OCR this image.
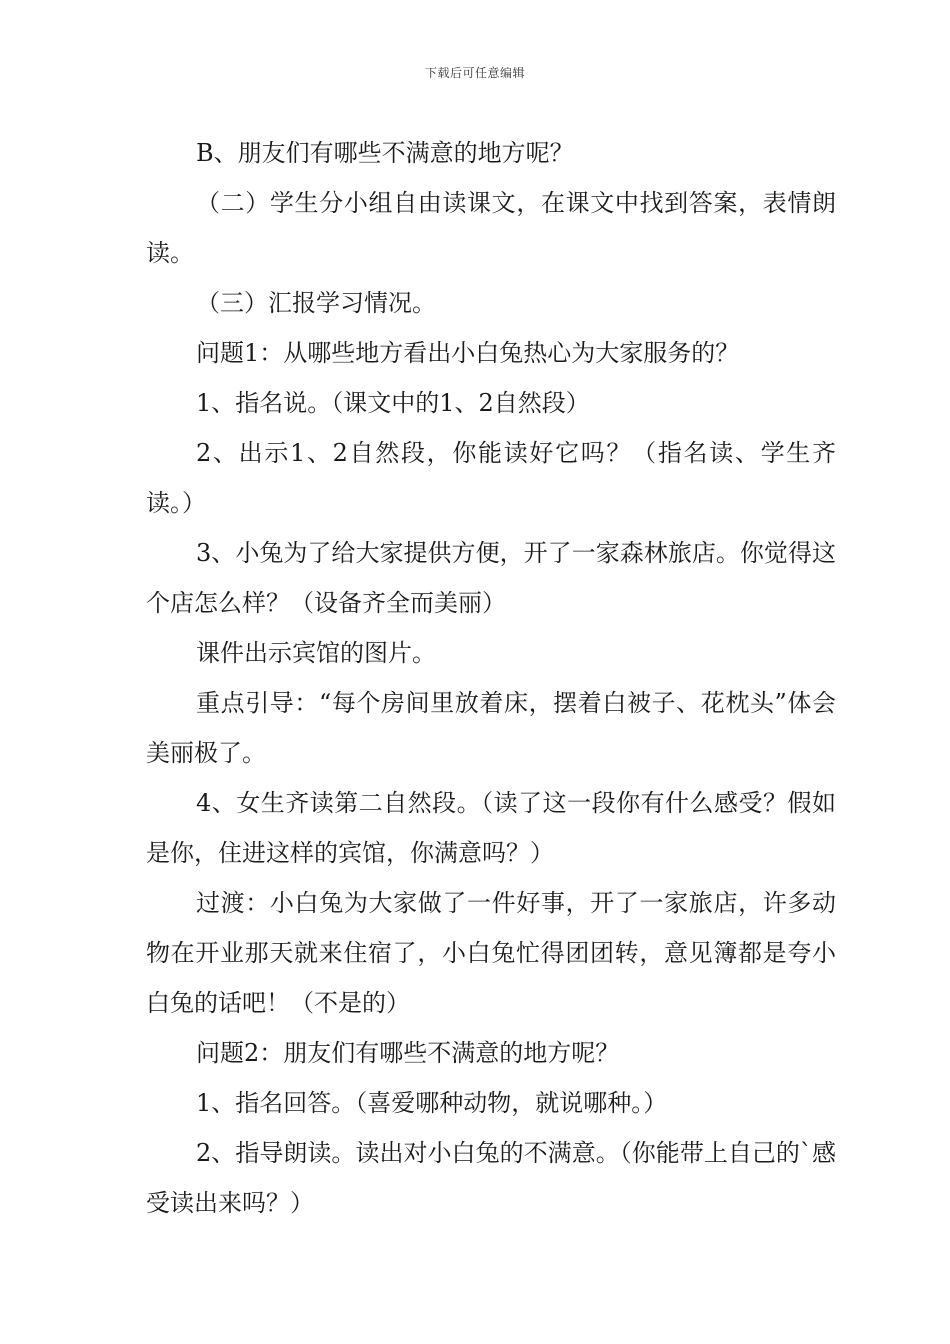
下载后可任意编辑

B、朋友们有哪些不满意的地方呢？

（二）学生分小组自由读课文，在课文中找到答案，表情朗读。

（三）汇报学习情况。

问题1：从哪些地方看出小白兔热心为大家服务的？

1、指名说。（课文中的1、2自然段）

2、出示1、2自然段，你能读好它吗？（指名读、学生齐读。）

3、小兔为了给大家提供方便，开了一家森林旅店。你觉得这个店怎么样？（设备齐全而美丽）

课件出示宾馆的图片。

重点引导：“每个房间里放着床，摆着白被子、花枕头”体会美丽极了。

4、女生齐读第二自然段。（读了这一段你有什么感受？假如是你，住进这样的宾馆，你满意吗？）

过渡：小白兔为大家做了一件好事，开了一家旅店，许多动物在开业那天就来住宿了，小白兔忙得团团转，意见簿都是夸小白兔的话吧！（不是的）

问题2：朋友们有哪些不满意的地方呢？

1、指名回答。（喜爱哪种动物，就说哪种。）

2、指导朗读。读出对小白兔的不满意。（你能带上自己的`感受读出来吗？）
